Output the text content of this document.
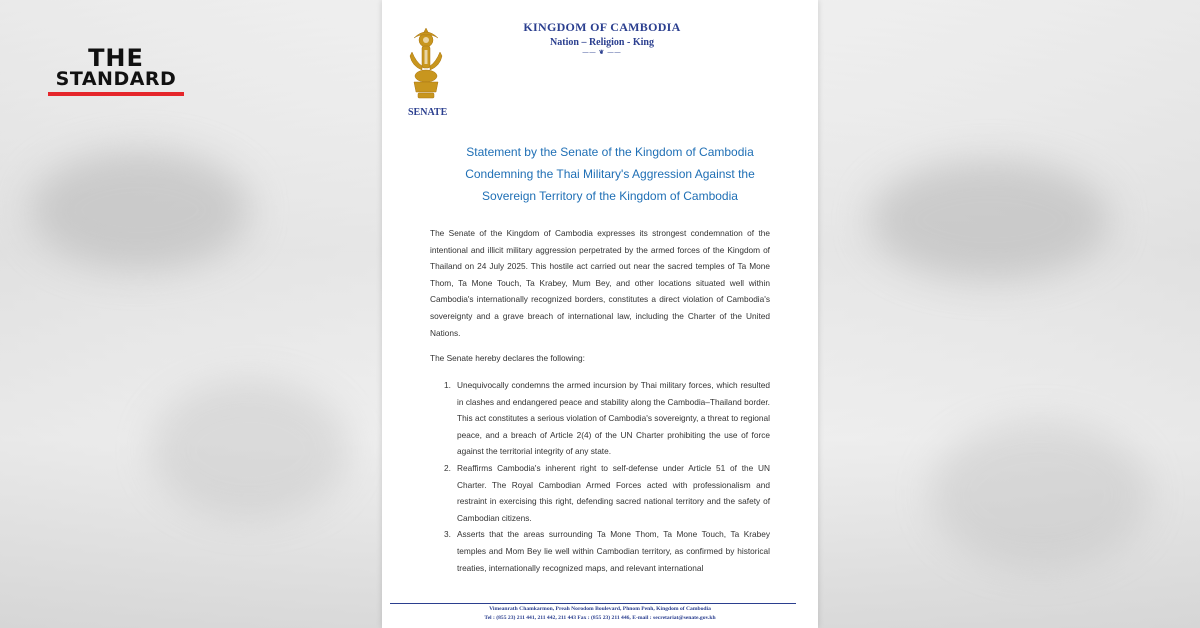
THE
STANDARD
SENATE
KINGDOM OF CAMBODIA
Nation – Religion - King
—— ❦ ——
Statement by the Senate of the Kingdom of Cambodia
Condemning the Thai Military's Aggression Against the
Sovereign Territory of the Kingdom of Cambodia
The Senate of the Kingdom of Cambodia expresses its strongest condemnation of the intentional and illicit military aggression perpetrated by the armed forces of the Kingdom of Thailand on 24 July 2025. This hostile act carried out near the sacred temples of Ta Mone Thom, Ta Mone Touch, Ta Krabey, Mum Bey, and other locations situated well within Cambodia's internationally recognized borders, constitutes a direct violation of Cambodia's sovereignty and a grave breach of international law, including the Charter of the United Nations.
The Senate hereby declares the following:
1. Unequivocally condemns the armed incursion by Thai military forces, which resulted in clashes and endangered peace and stability along the Cambodia–Thailand border. This act constitutes a serious violation of Cambodia's sovereignty, a threat to regional peace, and a breach of Article 2(4) of the UN Charter prohibiting the use of force against the territorial integrity of any state.
2. Reaffirms Cambodia's inherent right to self-defense under Article 51 of the UN Charter. The Royal Cambodian Armed Forces acted with professionalism and restraint in exercising this right, defending sacred national territory and the safety of Cambodian citizens.
3. Asserts that the areas surrounding Ta Mone Thom, Ta Mone Touch, Ta Krabey temples and Mom Bey lie well within Cambodian territory, as confirmed by historical treaties, internationally recognized maps, and relevant international
Vimeanrath Chamkarmon, Preah Norodom Boulevard, Phnom Penh, Kingdom of Cambodia
Tel : (855 23) 211 441, 211 442, 211 443 Fax : (855 23) 211 446, E-mail : secretariat@senate.gov.kh
